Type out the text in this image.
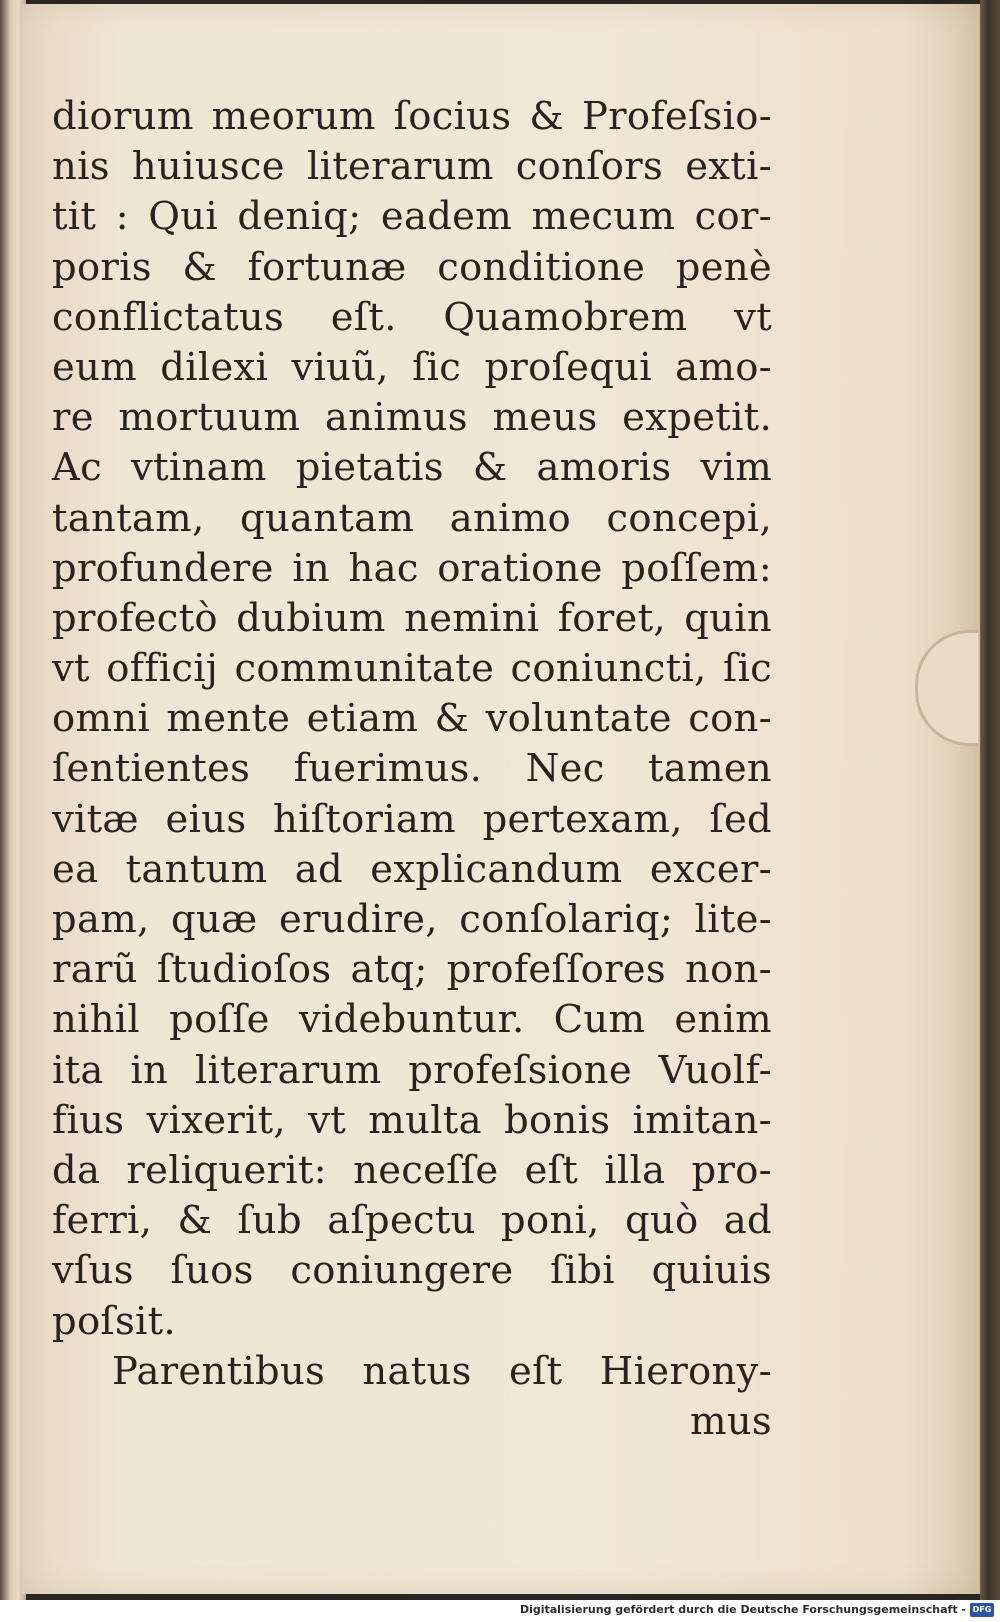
diorum meorum ſocius & Profeſsio-
nis huiusce literarum conſors exti-
tit : Qui deniq; eadem mecum cor-
poris & fortunæ conditione penè
conflictatus eſt. Quamobrem vt
eum dilexi viuũ, ſic proſequi amo-
re mortuum animus meus expetit.
Ac vtinam pietatis & amoris vim
tantam, quantam animo concepi,
profundere in hac oratione poſſem:
profectò dubium nemini foret, quin
vt officij communitate coniuncti, ſic
omni mente etiam & voluntate con-
ſentientes fuerimus. Nec tamen
vitæ eius hiſtoriam pertexam, ſed
ea tantum ad explicandum excer-
pam, quæ erudire, conſolariq; lite-
rarũ ſtudioſos atq; profeſſores non-
nihil poſſe videbuntur. Cum enim
ita in literarum profeſsione Vuolf-
fius vixerit, vt multa bonis imitan-
da reliquerit: neceſſe eſt illa pro-
ferri, & ſub aſpectu poni, quò ad
vſus ſuos coniungere ſibi quiuis
poſsit.
Parentibus natus eſt Hierony-
mus
Digitalisierung gefördert durch die Deutsche Forschungsgemeinschaft - DFG
